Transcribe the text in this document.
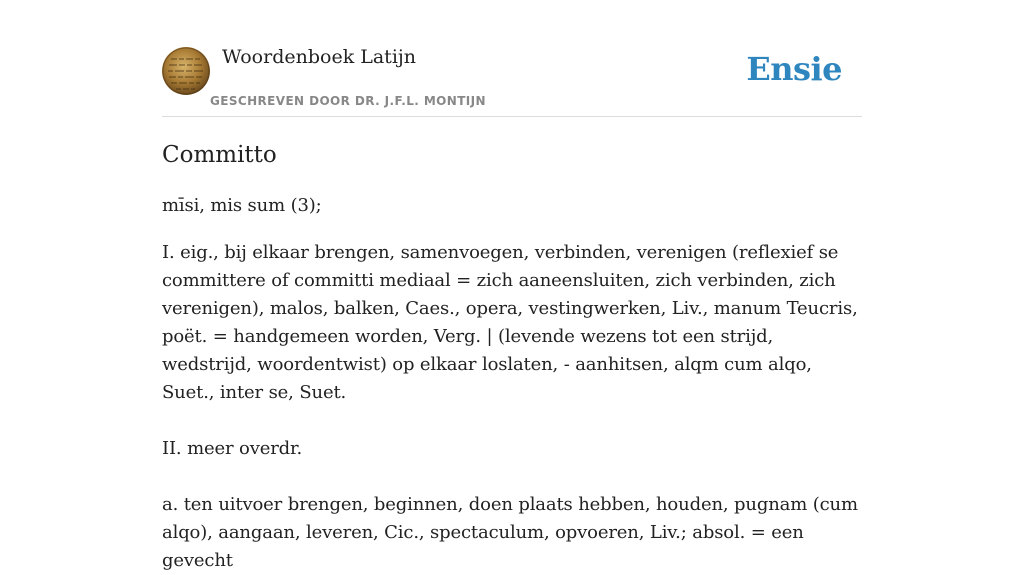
Woordenboek Latijn
GESCHREVEN DOOR DR. J.F.L. MONTIJN
Ensie
Committo

mīsi, mis sum (3);

I. eig., bij elkaar brengen, samenvoegen, verbinden, verenigen (reflexief se committere of committi mediaal = zich aaneensluiten, zich verbinden, zich verenigen), malos, balken, Caes., opera, vestingwerken, Liv., manum Teucris, poët. = handgemeen worden, Verg. | (levende wezens tot een strijd, wedstrijd, woordentwist) op elkaar loslaten, - aanhitsen, alqm cum alqo, Suet., inter se, Suet.

II. meer overdr.

a. ten uitvoer brengen, beginnen, doen plaats hebben, houden, pugnam (cum alqo), aangaan, leveren, Cic., spectaculum, opvoeren, Liv.; absol. = een gevecht
